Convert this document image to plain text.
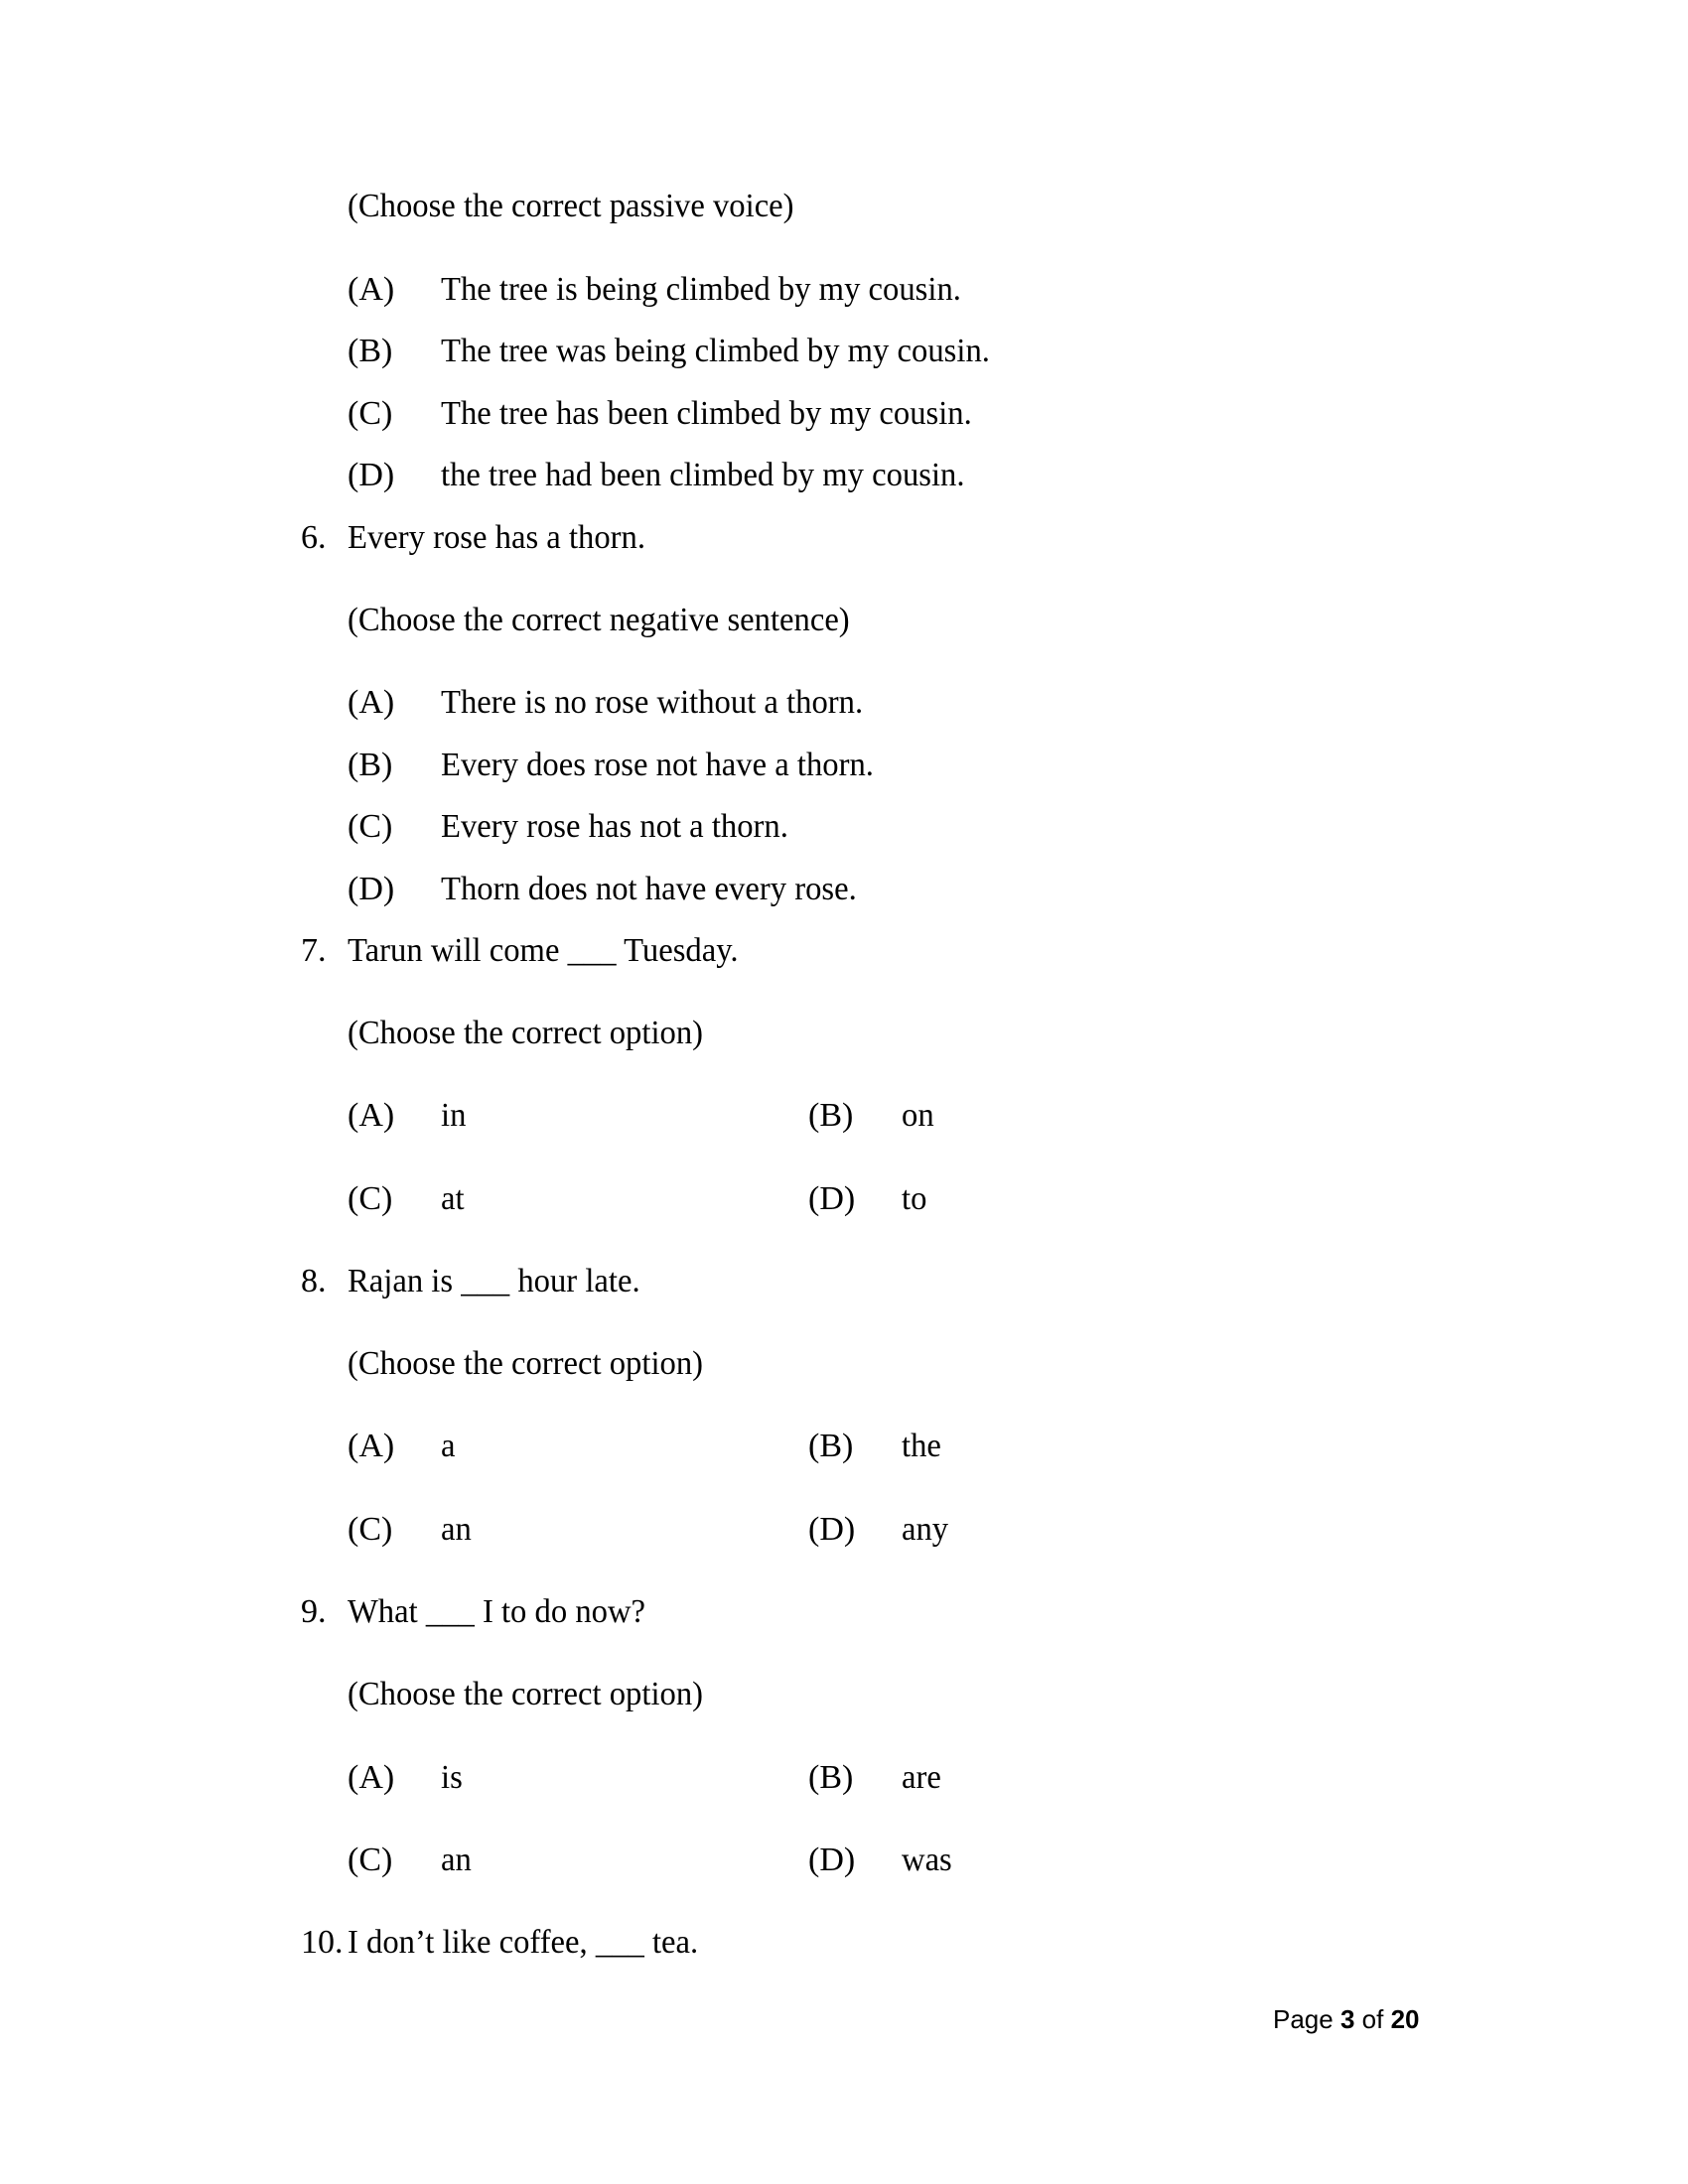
(Choose the correct passive voice)
(A) The tree is being climbed by my cousin.
(B) The tree was being climbed by my cousin.
(C) The tree has been climbed by my cousin.
(D) the tree had been climbed by my cousin.
6. Every rose has a thorn.
(Choose the correct negative sentence)
(A) There is no rose without a thorn.
(B) Every does rose not have a thorn.
(C) Every rose has not a thorn.
(D) Thorn does not have every rose.
7. Tarun will come ___ Tuesday.
(Choose the correct option)
(A) in	(B) on
(C) at	(D) to
8. Rajan is ___ hour late.
(Choose the correct option)
(A) a	(B) the
(C) an	(D) any
9. What ___ I to do now?
(Choose the correct option)
(A) is	(B) are
(C) an	(D) was
10. I don’t like coffee, ___ tea.
Page 3 of 20
